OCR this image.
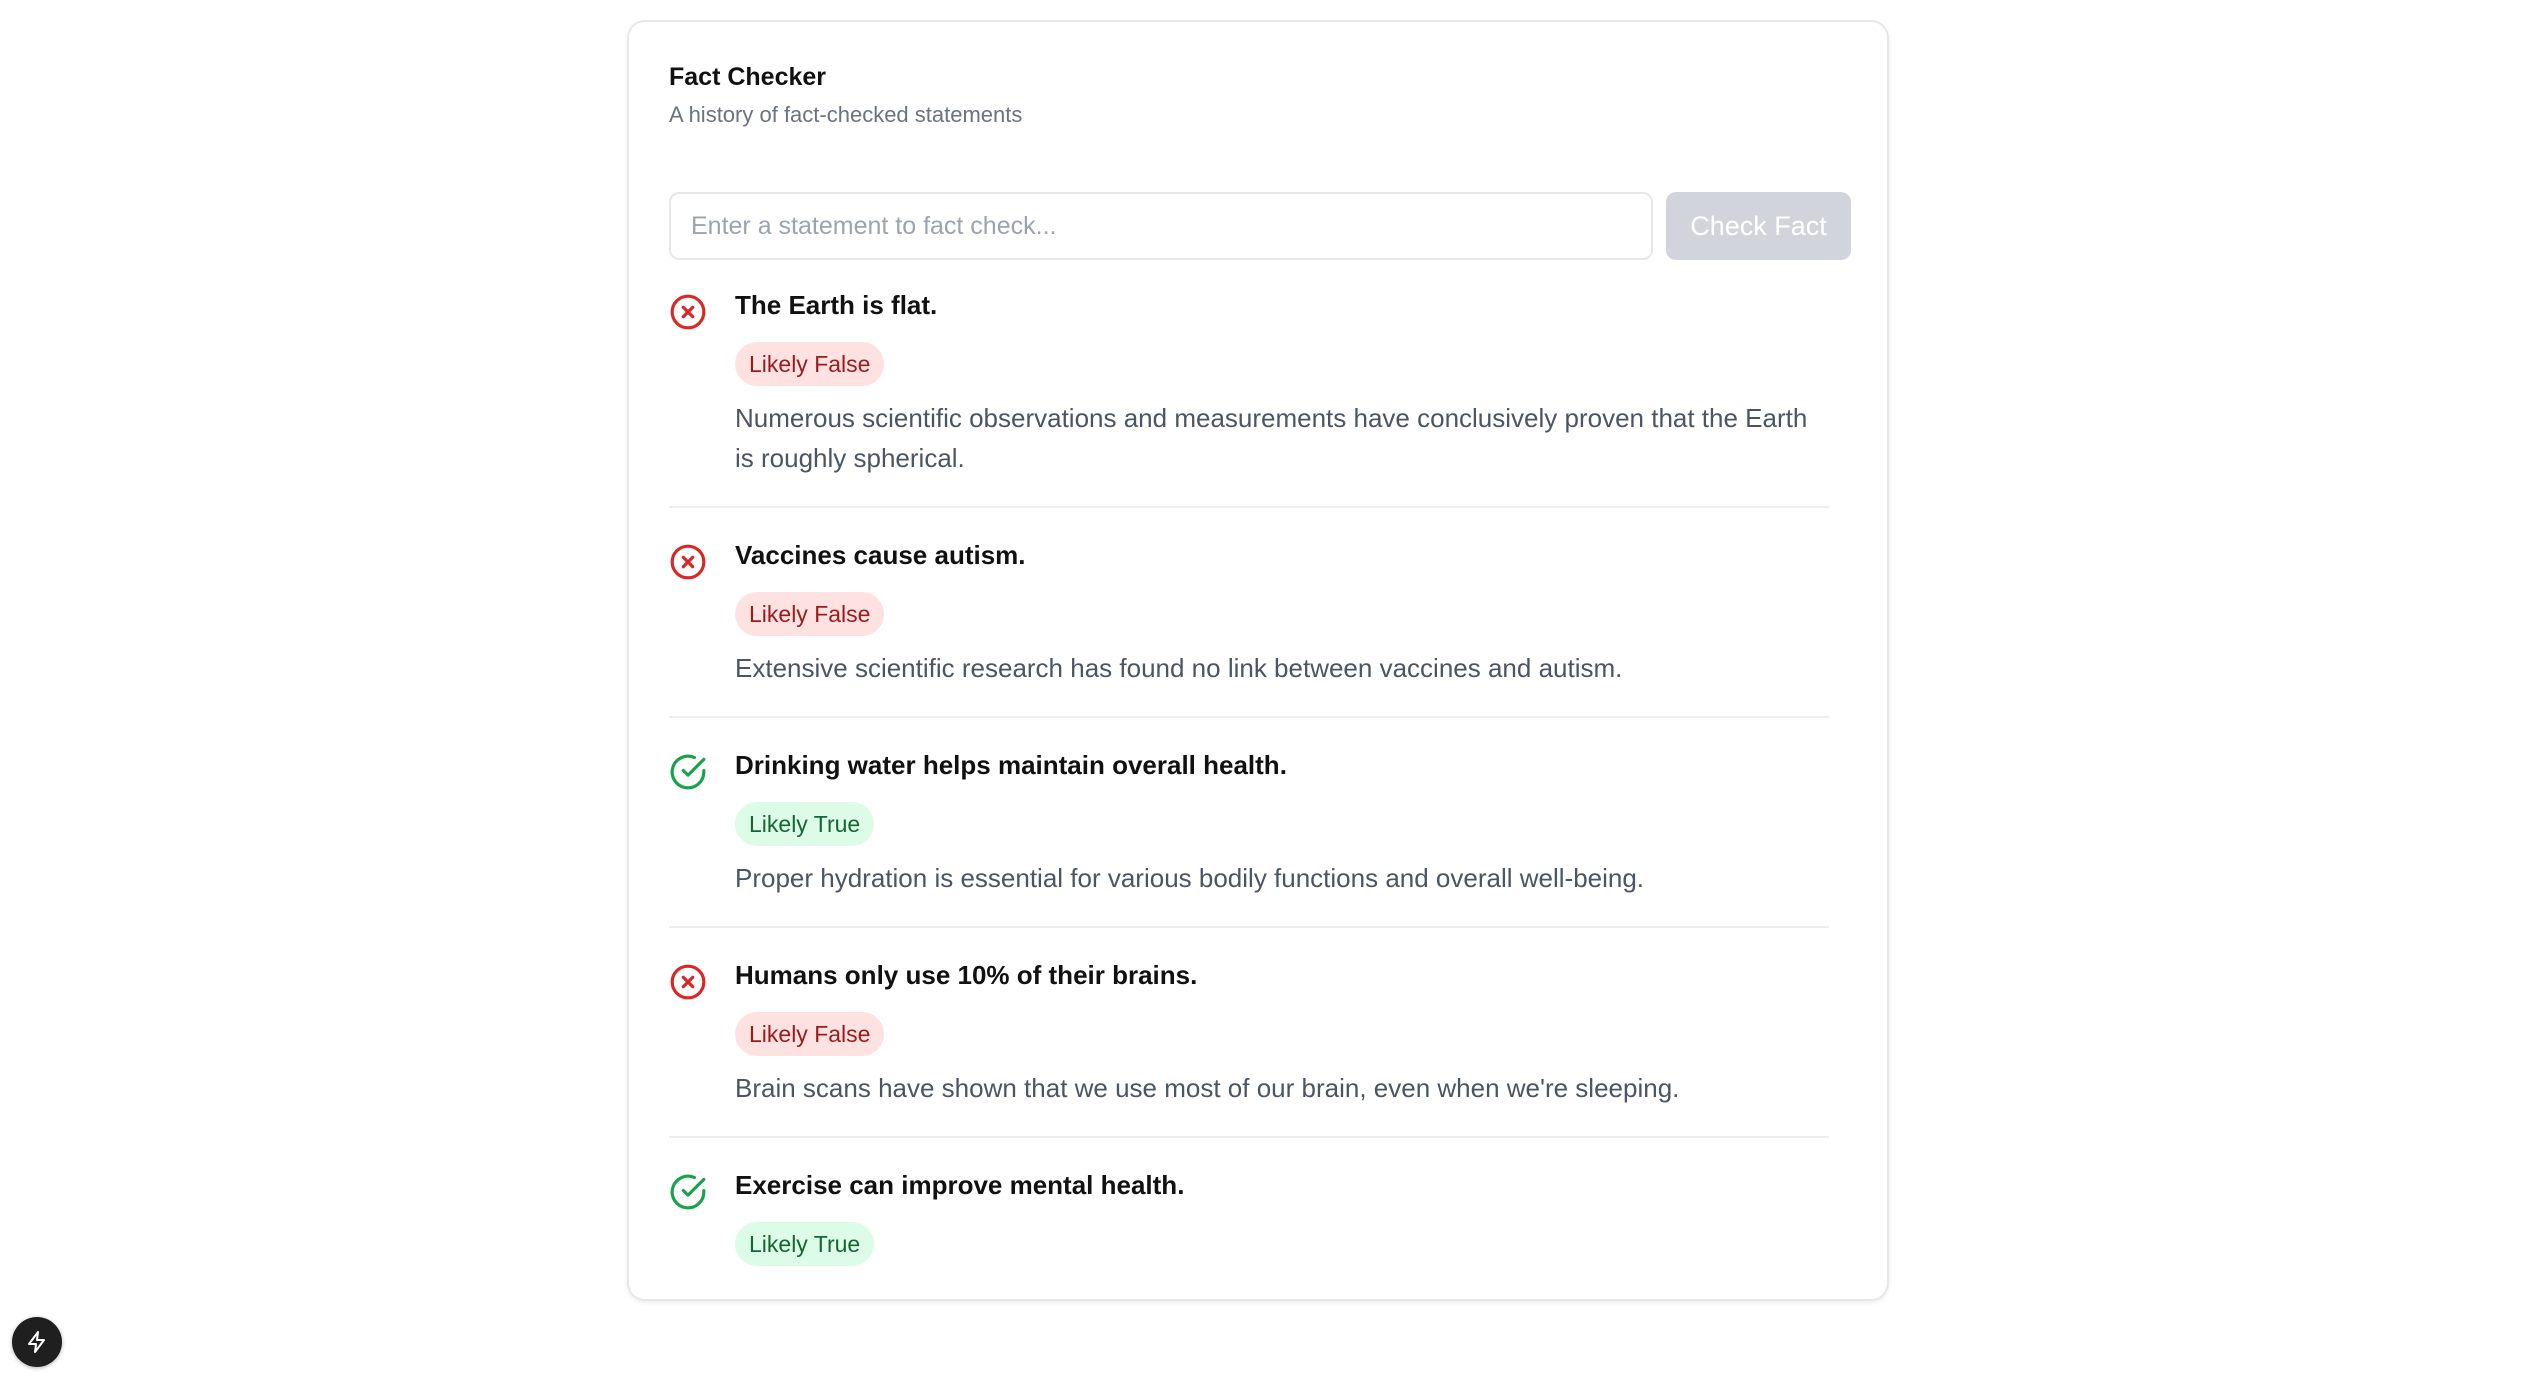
Fact Checker
A history of fact-checked statements
Enter a statement to fact check...
Check Fact
The Earth is flat.
Likely False
Numerous scientific observations and measurements have conclusively proven that the Earth is roughly spherical.
Vaccines cause autism.
Likely False
Extensive scientific research has found no link between vaccines and autism.
Drinking water helps maintain overall health.
Likely True
Proper hydration is essential for various bodily functions and overall well-being.
Humans only use 10% of their brains.
Likely False
Brain scans have shown that we use most of our brain, even when we're sleeping.
Exercise can improve mental health.
Likely True
